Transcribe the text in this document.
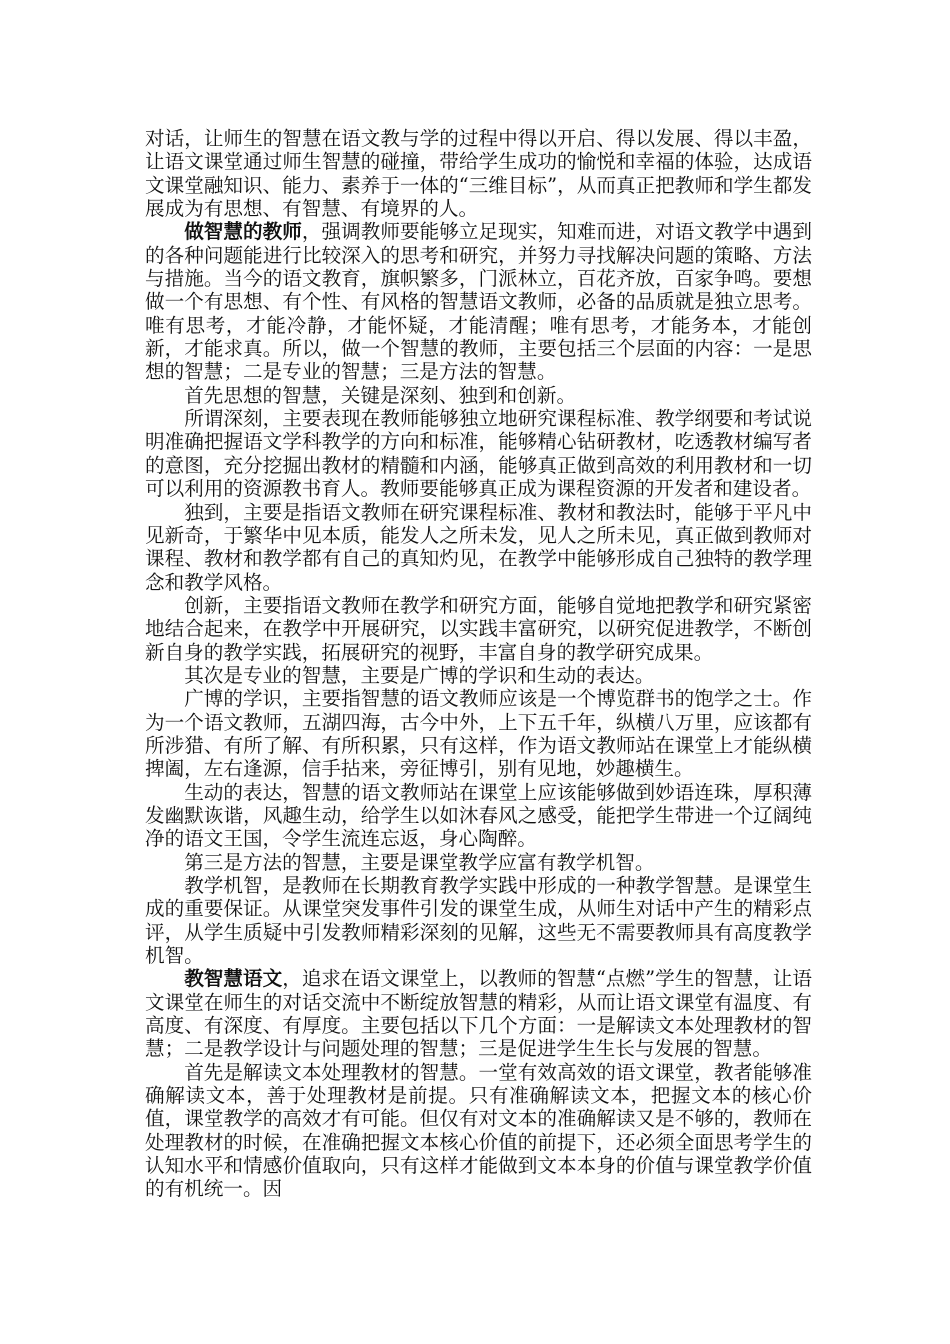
对话，让师生的智慧在语文教与学的过程中得以开启、得以发展、得以丰盈，让语文课堂通过师生智慧的碰撞，带给学生成功的愉悦和幸福的体验，达成语文课堂融知识、能力、素养于一体的“三维目标”，从而真正把教师和学生都发展成为有思想、有智慧、有境界的人。

做智慧的教师，强调教师要能够立足现实，知难而进，对语文教学中遇到的各种问题能进行比较深入的思考和研究，并努力寻找解决问题的策略、方法与措施。当今的语文教育，旗帜繁多，门派林立，百花齐放，百家争鸣。要想做一个有思想、有个性、有风格的智慧语文教师，必备的品质就是独立思考。唯有思考，才能冷静，才能怀疑，才能清醒；唯有思考，才能务本，才能创新，才能求真。所以，做一个智慧的教师，主要包括三个层面的内容：一是思想的智慧；二是专业的智慧；三是方法的智慧。

首先思想的智慧，关键是深刻、独到和创新。

所谓深刻，主要表现在教师能够独立地研究课程标准、教学纲要和考试说明准确把握语文学科教学的方向和标准，能够精心钻研教材，吃透教材编写者的意图，充分挖掘出教材的精髓和内涵，能够真正做到高效的利用教材和一切可以利用的资源教书育人。教师要能够真正成为课程资源的开发者和建设者。

独到，主要是指语文教师在研究课程标准、教材和教法时，能够于平凡中见新奇，于繁华中见本质，能发人之所未发，见人之所未见，真正做到教师对课程、教材和教学都有自己的真知灼见，在教学中能够形成自己独特的教学理念和教学风格。

创新，主要指语文教师在教学和研究方面，能够自觉地把教学和研究紧密地结合起来，在教学中开展研究，以实践丰富研究，以研究促进教学，不断创新自身的教学实践，拓展研究的视野，丰富自身的教学研究成果。

其次是专业的智慧，主要是广博的学识和生动的表达。

广博的学识，主要指智慧的语文教师应该是一个博览群书的饱学之士。作为一个语文教师，五湖四海，古今中外，上下五千年，纵横八万里，应该都有所涉猎、有所了解、有所积累，只有这样，作为语文教师站在课堂上才能纵横捭阖，左右逢源，信手拈来，旁征博引，别有见地，妙趣横生。

生动的表达，智慧的语文教师站在课堂上应该能够做到妙语连珠，厚积薄发幽默诙谐，风趣生动，给学生以如沐春风之感受，能把学生带进一个辽阔纯净的语文王国，令学生流连忘返，身心陶醉。

第三是方法的智慧，主要是课堂教学应富有教学机智。

教学机智，是教师在长期教育教学实践中形成的一种教学智慧。是课堂生成的重要保证。从课堂突发事件引发的课堂生成，从师生对话中产生的精彩点评，从学生质疑中引发教师精彩深刻的见解，这些无不需要教师具有高度教学机智。

教智慧语文，追求在语文课堂上，以教师的智慧“点燃”学生的智慧，让语文课堂在师生的对话交流中不断绽放智慧的精彩，从而让语文课堂有温度、有高度、有深度、有厚度。主要包括以下几个方面：一是解读文本处理教材的智慧；二是教学设计与问题处理的智慧；三是促进学生生长与发展的智慧。

首先是解读文本处理教材的智慧。一堂有效高效的语文课堂，教者能够准确解读文本，善于处理教材是前提。只有准确解读文本，把握文本的核心价值，课堂教学的高效才有可能。但仅有对文本的准确解读又是不够的，教师在处理教材的时候，在准确把握文本核心价值的前提下，还必须全面思考学生的认知水平和情感价值取向，只有这样才能做到文本本身的价值与课堂教学价值的有机统一。因
